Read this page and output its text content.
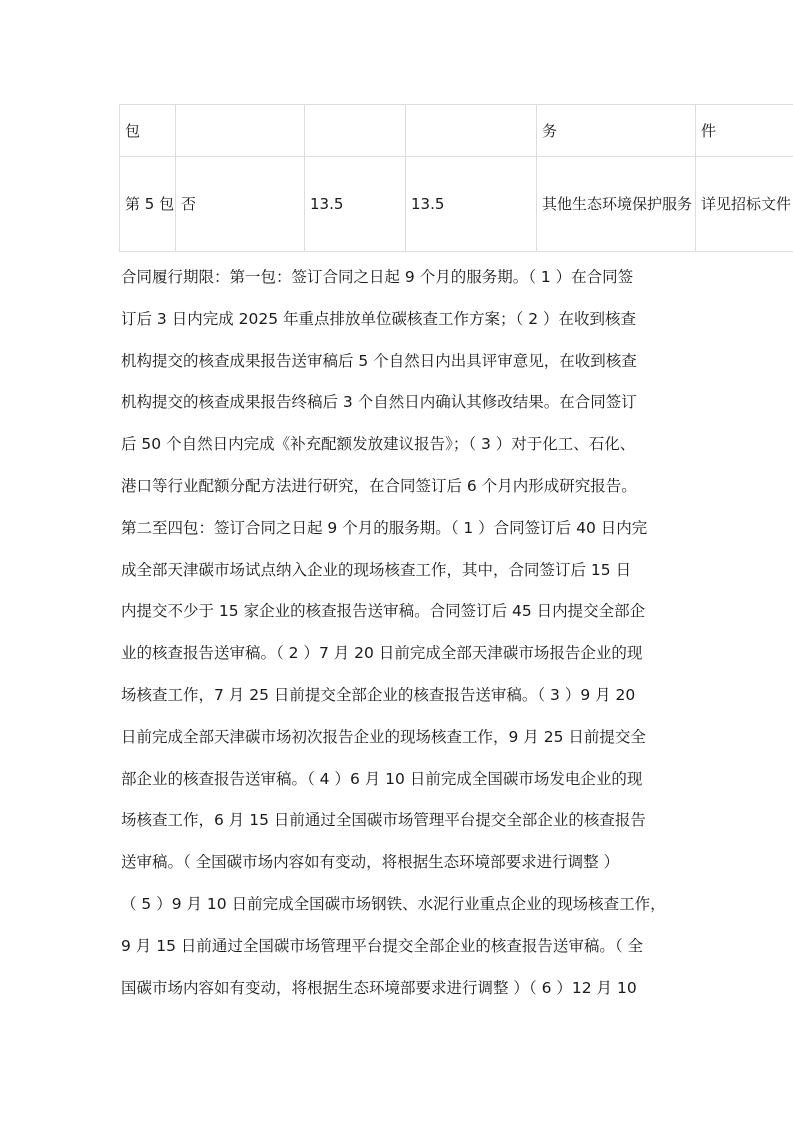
包				务	件
第 5 包	否	13.5	13.5	其他生态环境保护服务	详见招标文件

合同履行期限：第一包：签订合同之日起 9 个月的服务期。（ 1 ）在合同签
订后 3 日内完成 2025 年重点排放单位碳核查工作方案；（ 2 ）在收到核查
机构提交的核查成果报告送审稿后 5 个自然日内出具评审意见，在收到核查
机构提交的核查成果报告终稿后 3 个自然日内确认其修改结果。在合同签订
后 50 个自然日内完成《补充配额发放建议报告》；（ 3 ）对于化工、石化、
港口等行业配额分配方法进行研究，在合同签订后 6 个月内形成研究报告。
第二至四包：签订合同之日起 9 个月的服务期。（ 1 ）合同签订后 40 日内完
成全部天津碳市场试点纳入企业的现场核查工作，其中，合同签订后 15 日
内提交不少于 15 家企业的核查报告送审稿。合同签订后 45 日内提交全部企
业的核查报告送审稿。（ 2 ）7 月 20 日前完成全部天津碳市场报告企业的现
场核查工作，7 月 25 日前提交全部企业的核查报告送审稿。（ 3 ）9 月 20
日前完成全部天津碳市场初次报告企业的现场核查工作，9 月 25 日前提交全
部企业的核查报告送审稿。（ 4 ）6 月 10 日前完成全国碳市场发电企业的现
场核查工作，6 月 15 日前通过全国碳市场管理平台提交全部企业的核查报告
送审稿。（ 全国碳市场内容如有变动，将根据生态环境部要求进行调整 ）
（ 5 ）9 月 10 日前完成全国碳市场钢铁、水泥行业重点企业的现场核查工作，
9 月 15 日前通过全国碳市场管理平台提交全部企业的核查报告送审稿。（ 全
国碳市场内容如有变动，将根据生态环境部要求进行调整 ）（ 6 ）12 月 10
